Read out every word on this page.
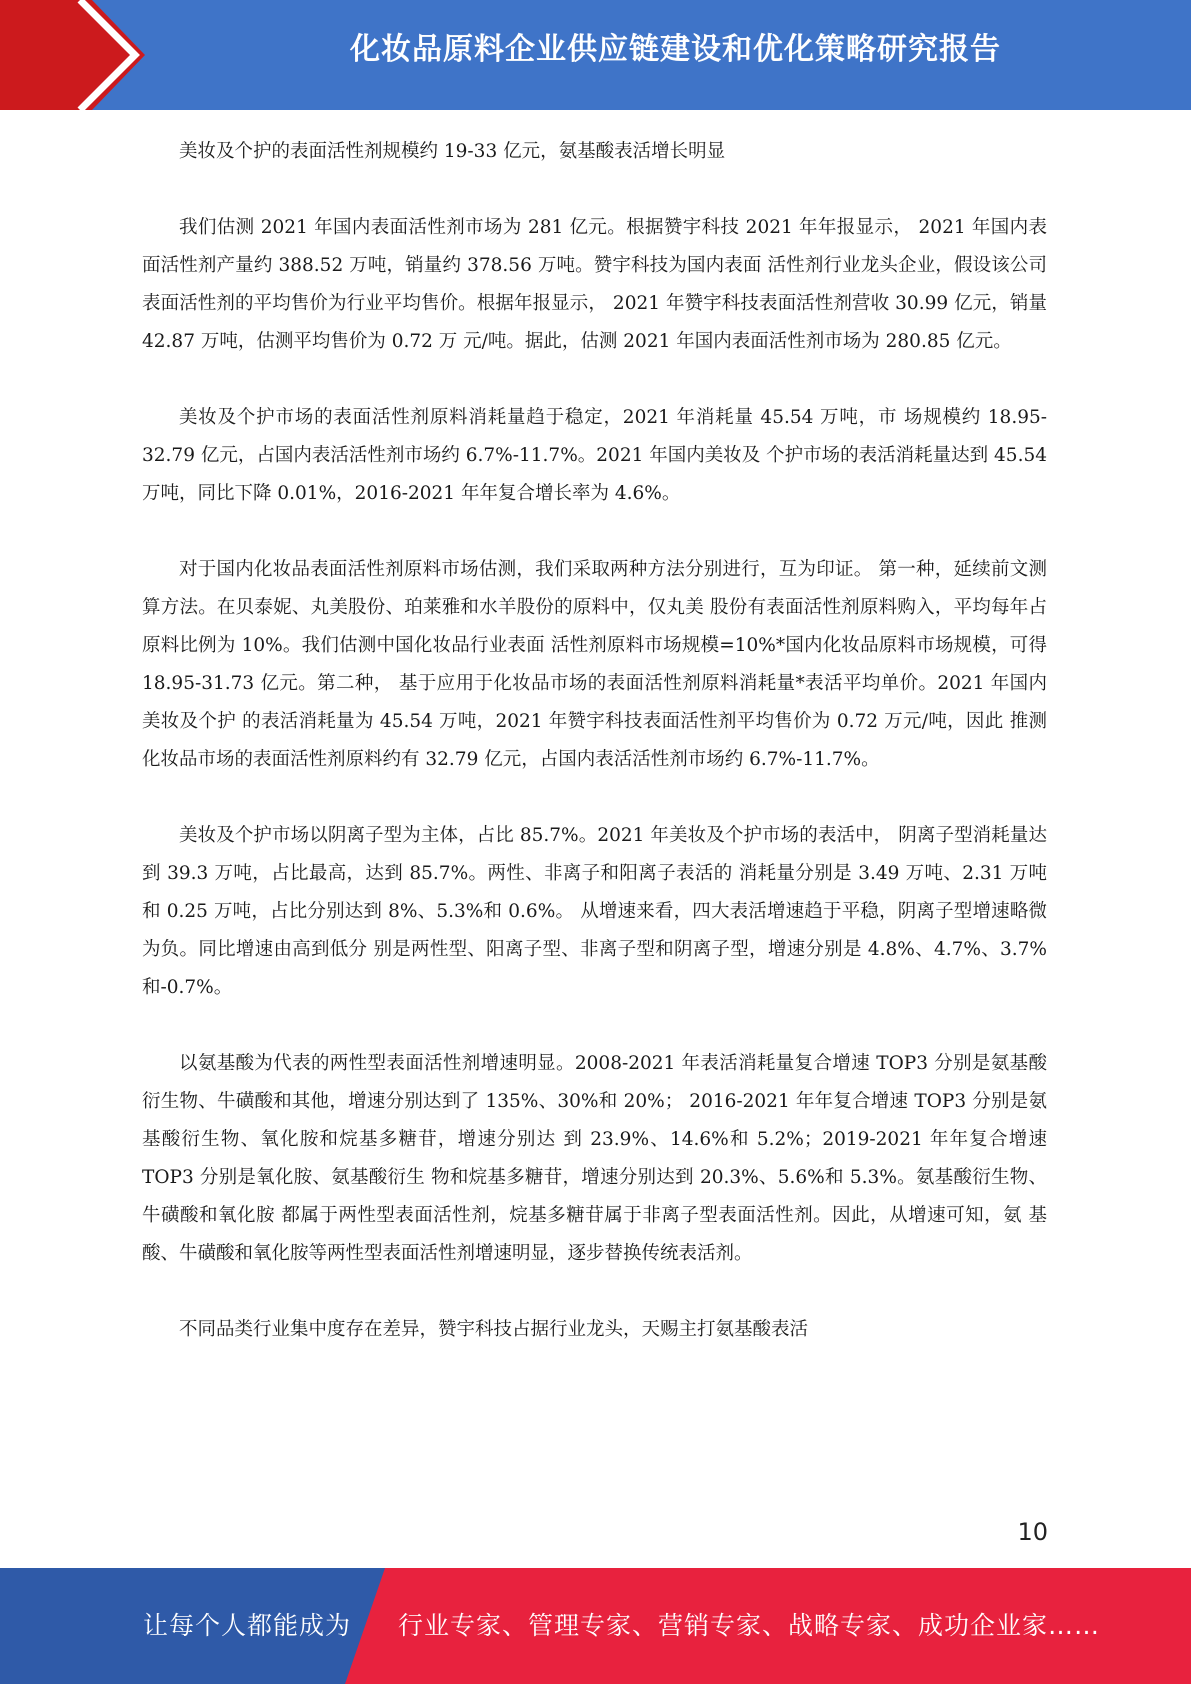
化妆品原料企业供应链建设和优化策略研究报告

美妆及个护的表面活性剂规模约 19-33 亿元，氨基酸表活增长明显

我们估测 2021 年国内表面活性剂市场为 281 亿元。根据赞宇科技 2021 年年报显示， 2021 年国内表面活性剂产量约 388.52 万吨，销量约 378.56 万吨。赞宇科技为国内表面 活性剂行业龙头企业，假设该公司表面活性剂的平均售价为行业平均售价。根据年报显示， 2021 年赞宇科技表面活性剂营收 30.99 亿元，销量 42.87 万吨，估测平均售价为 0.72 万 元/吨。据此，估测 2021 年国内表面活性剂市场为 280.85 亿元。

美妆及个护市场的表面活性剂原料消耗量趋于稳定，2021 年消耗量 45.54 万吨，市 场规模约 18.95-32.79 亿元，占国内表活活性剂市场约 6.7%-11.7%。2021 年国内美妆及 个护市场的表活消耗量达到 45.54 万吨，同比下降 0.01%，2016-2021 年年复合增长率为 4.6%。

对于国内化妆品表面活性剂原料市场估测，我们采取两种方法分别进行，互为印证。 第一种，延续前文测算方法。在贝泰妮、丸美股份、珀莱雅和水羊股份的原料中，仅丸美 股份有表面活性剂原料购入，平均每年占原料比例为 10%。我们估测中国化妆品行业表面 活性剂原料市场规模=10%*国内化妆品原料市场规模，可得 18.95-31.73 亿元。第二种， 基于应用于化妆品市场的表面活性剂原料消耗量*表活平均单价。2021 年国内美妆及个护 的表活消耗量为 45.54 万吨，2021 年赞宇科技表面活性剂平均售价为 0.72 万元/吨，因此 推测化妆品市场的表面活性剂原料约有 32.79 亿元，占国内表活活性剂市场约 6.7%-11.7%。

美妆及个护市场以阴离子型为主体，占比 85.7%。2021 年美妆及个护市场的表活中， 阴离子型消耗量达到 39.3 万吨，占比最高，达到 85.7%。两性、非离子和阳离子表活的 消耗量分别是 3.49 万吨、2.31 万吨和 0.25 万吨，占比分别达到 8%、5.3%和 0.6%。 从增速来看，四大表活增速趋于平稳，阴离子型增速略微为负。同比增速由高到低分 别是两性型、阳离子型、非离子型和阴离子型，增速分别是 4.8%、4.7%、3.7%和-0.7%。

以氨基酸为代表的两性型表面活性剂增速明显。2008-2021 年表活消耗量复合增速 TOP3 分别是氨基酸衍生物、牛磺酸和其他，增速分别达到了 135%、30%和 20%； 2016-2021 年年复合增速 TOP3 分别是氨基酸衍生物、氧化胺和烷基多糖苷，增速分别达 到 23.9%、14.6%和 5.2%；2019-2021 年年复合增速 TOP3 分别是氧化胺、氨基酸衍生 物和烷基多糖苷，增速分别达到 20.3%、5.6%和 5.3%。氨基酸衍生物、牛磺酸和氧化胺 都属于两性型表面活性剂，烷基多糖苷属于非离子型表面活性剂。因此，从增速可知，氨 基酸、牛磺酸和氧化胺等两性型表面活性剂增速明显，逐步替换传统表活剂。

不同品类行业集中度存在差异，赞宇科技占据行业龙头，天赐主打氨基酸表活

10
让每个人都能成为 行业专家、管理专家、营销专家、战略专家、成功企业家……
